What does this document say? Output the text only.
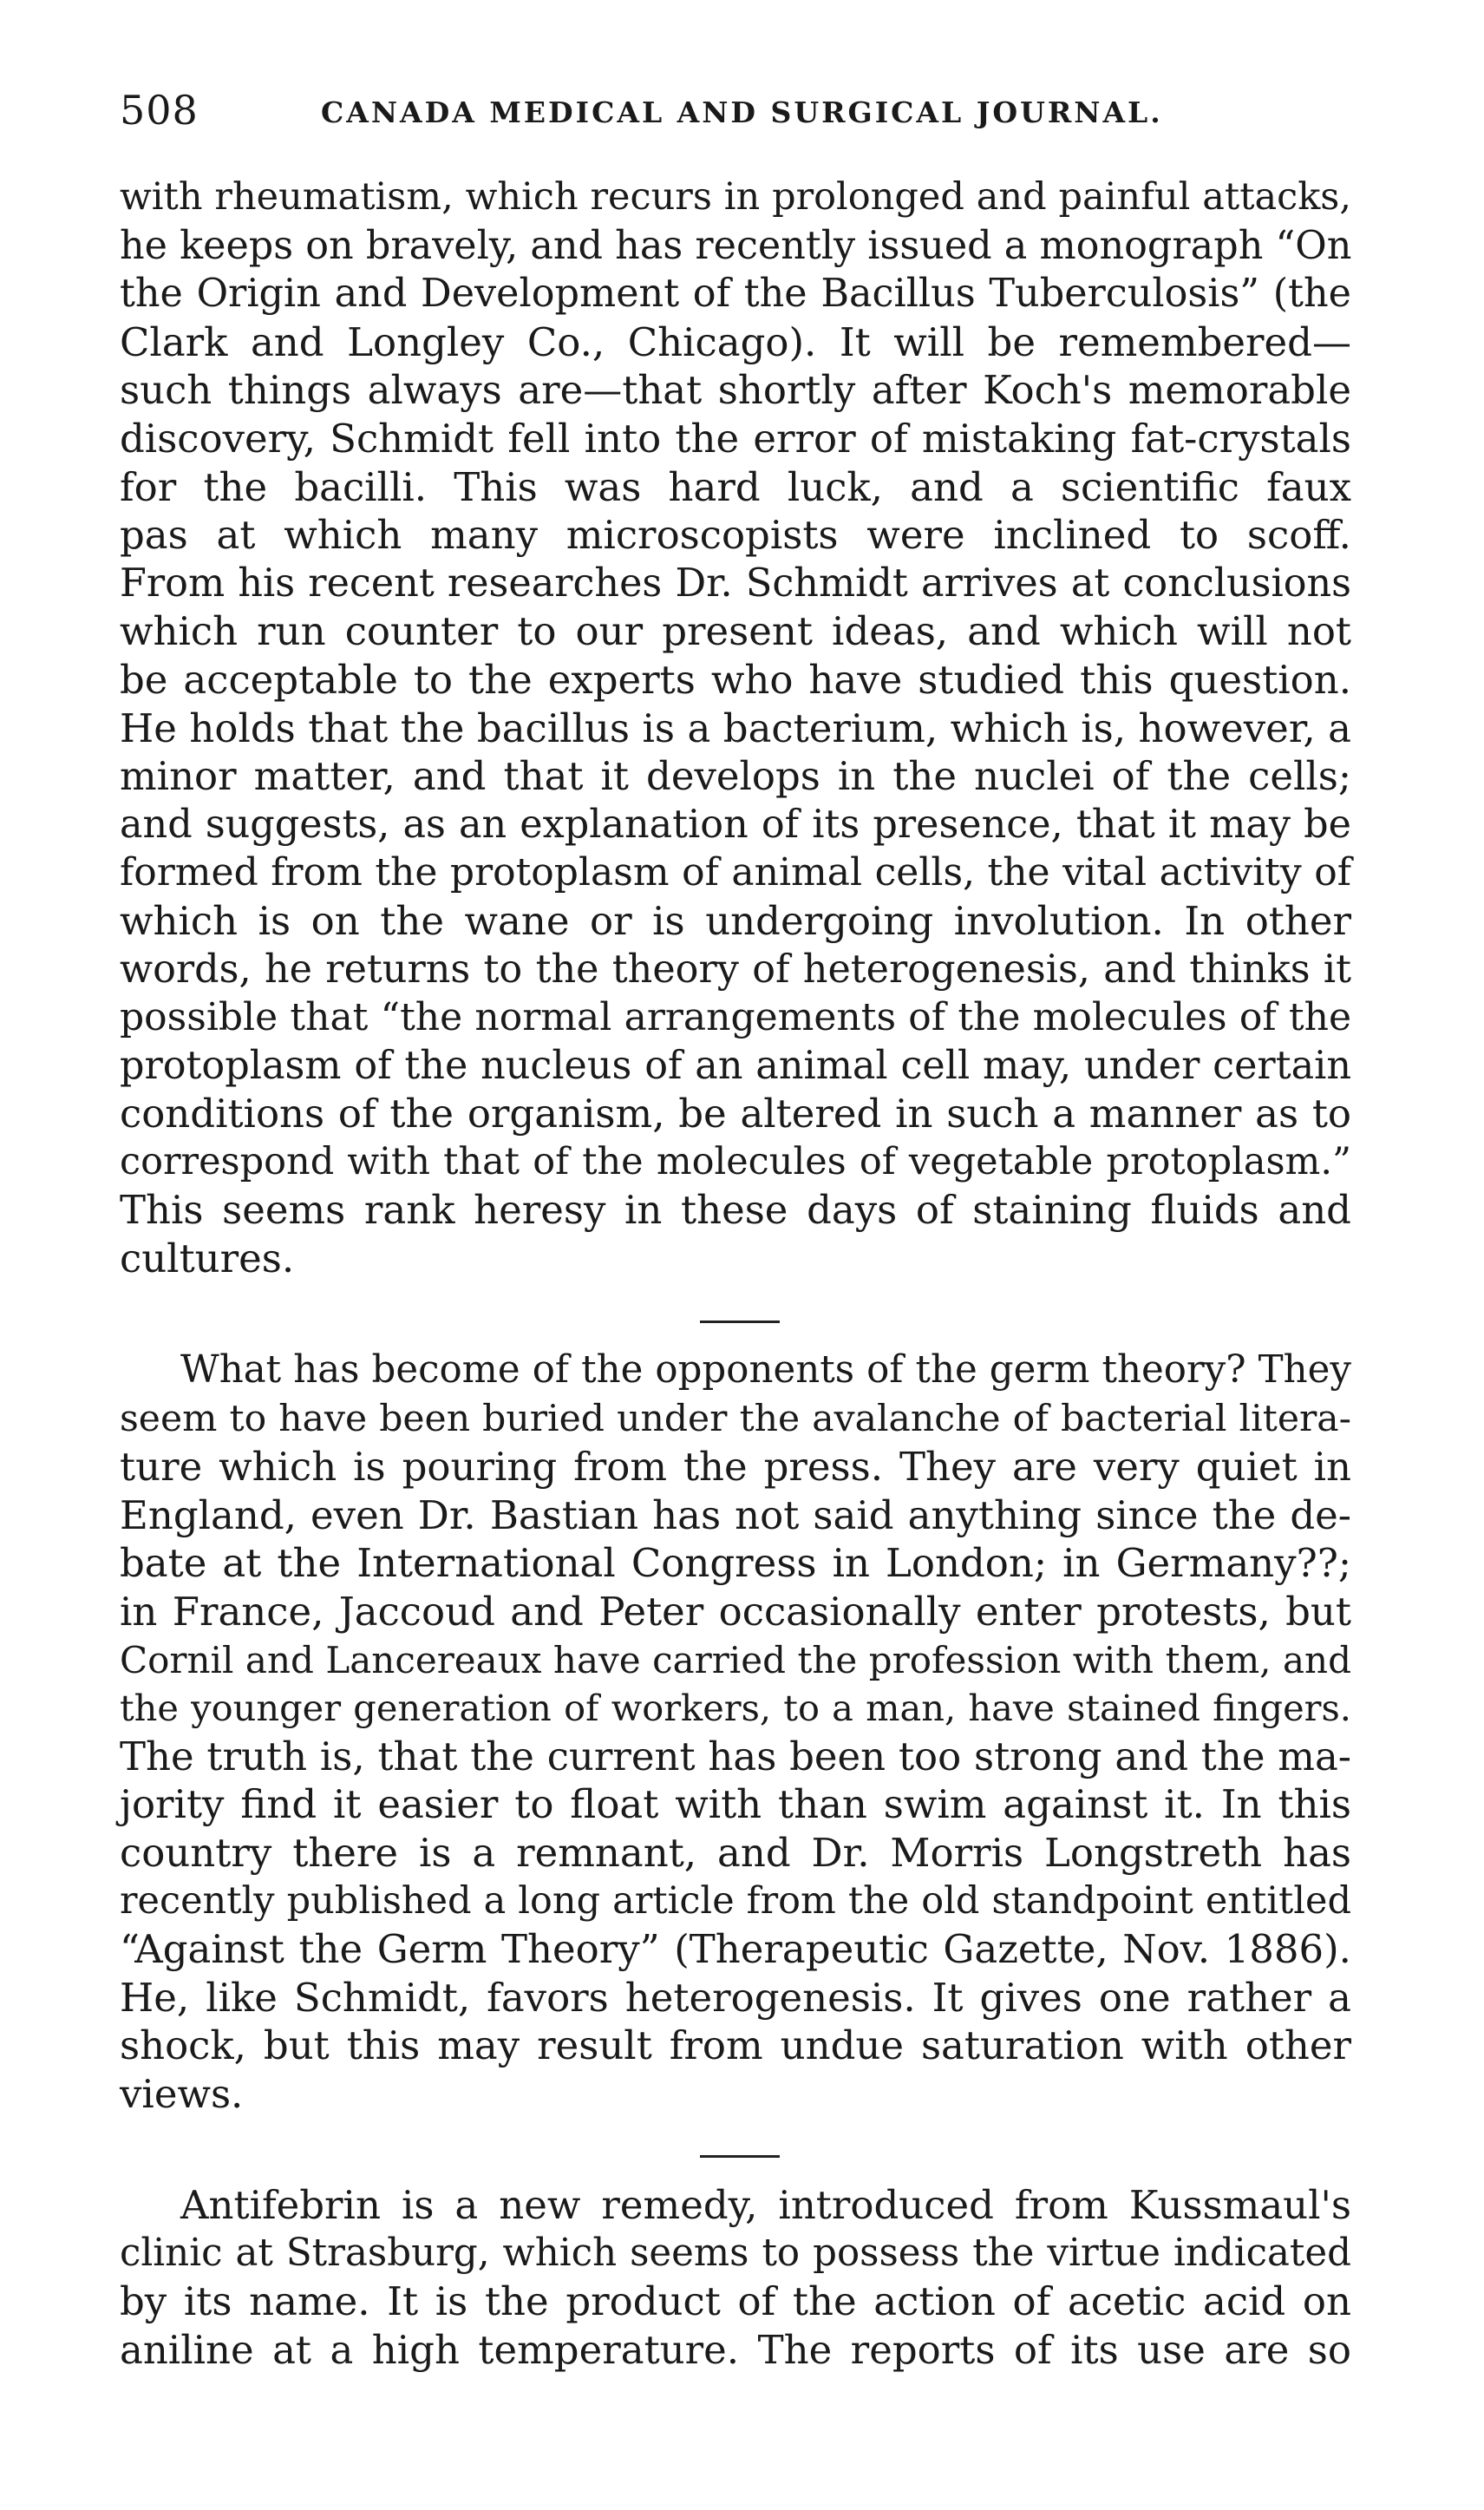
508	CANADA MEDICAL AND SURGICAL JOURNAL.
with rheumatism, which recurs in prolonged and painful attacks,
he keeps on bravely, and has recently issued a monograph “On
the Origin and Development of the Bacillus Tuberculosis” (the
Clark and Longley Co., Chicago). It will be remembered—
such things always are—that shortly after Koch's memorable
discovery, Schmidt fell into the error of mistaking fat-crystals
for the bacilli. This was hard luck, and a scientific faux
pas at which many microscopists were inclined to scoff.
From his recent researches Dr. Schmidt arrives at conclusions
which run counter to our present ideas, and which will not
be acceptable to the experts who have studied this question.
He holds that the bacillus is a bacterium, which is, however, a
minor matter, and that it develops in the nuclei of the cells;
and suggests, as an explanation of its presence, that it may be
formed from the protoplasm of animal cells, the vital activity of
which is on the wane or is undergoing involution. In other
words, he returns to the theory of heterogenesis, and thinks it
possible that “the normal arrangements of the molecules of the
protoplasm of the nucleus of an animal cell may, under certain
conditions of the organism, be altered in such a manner as to
correspond with that of the molecules of vegetable protoplasm.”
This seems rank heresy in these days of staining fluids and
cultures.
What has become of the opponents of the germ theory? They
seem to have been buried under the avalanche of bacterial litera-
ture which is pouring from the press. They are very quiet in
England, even Dr. Bastian has not said anything since the de-
bate at the International Congress in London; in Germany??;
in France, Jaccoud and Peter occasionally enter protests, but
Cornil and Lancereaux have carried the profession with them, and
the younger generation of workers, to a man, have stained fingers.
The truth is, that the current has been too strong and the ma-
jority find it easier to float with than swim against it. In this
country there is a remnant, and Dr. Morris Longstreth has
recently published a long article from the old standpoint entitled
“Against the Germ Theory” (Therapeutic Gazette, Nov. 1886).
He, like Schmidt, favors heterogenesis. It gives one rather a
shock, but this may result from undue saturation with other
views.
Antifebrin is a new remedy, introduced from Kussmaul's
clinic at Strasburg, which seems to possess the virtue indicated
by its name. It is the product of the action of acetic acid on
aniline at a high temperature. The reports of its use are so
